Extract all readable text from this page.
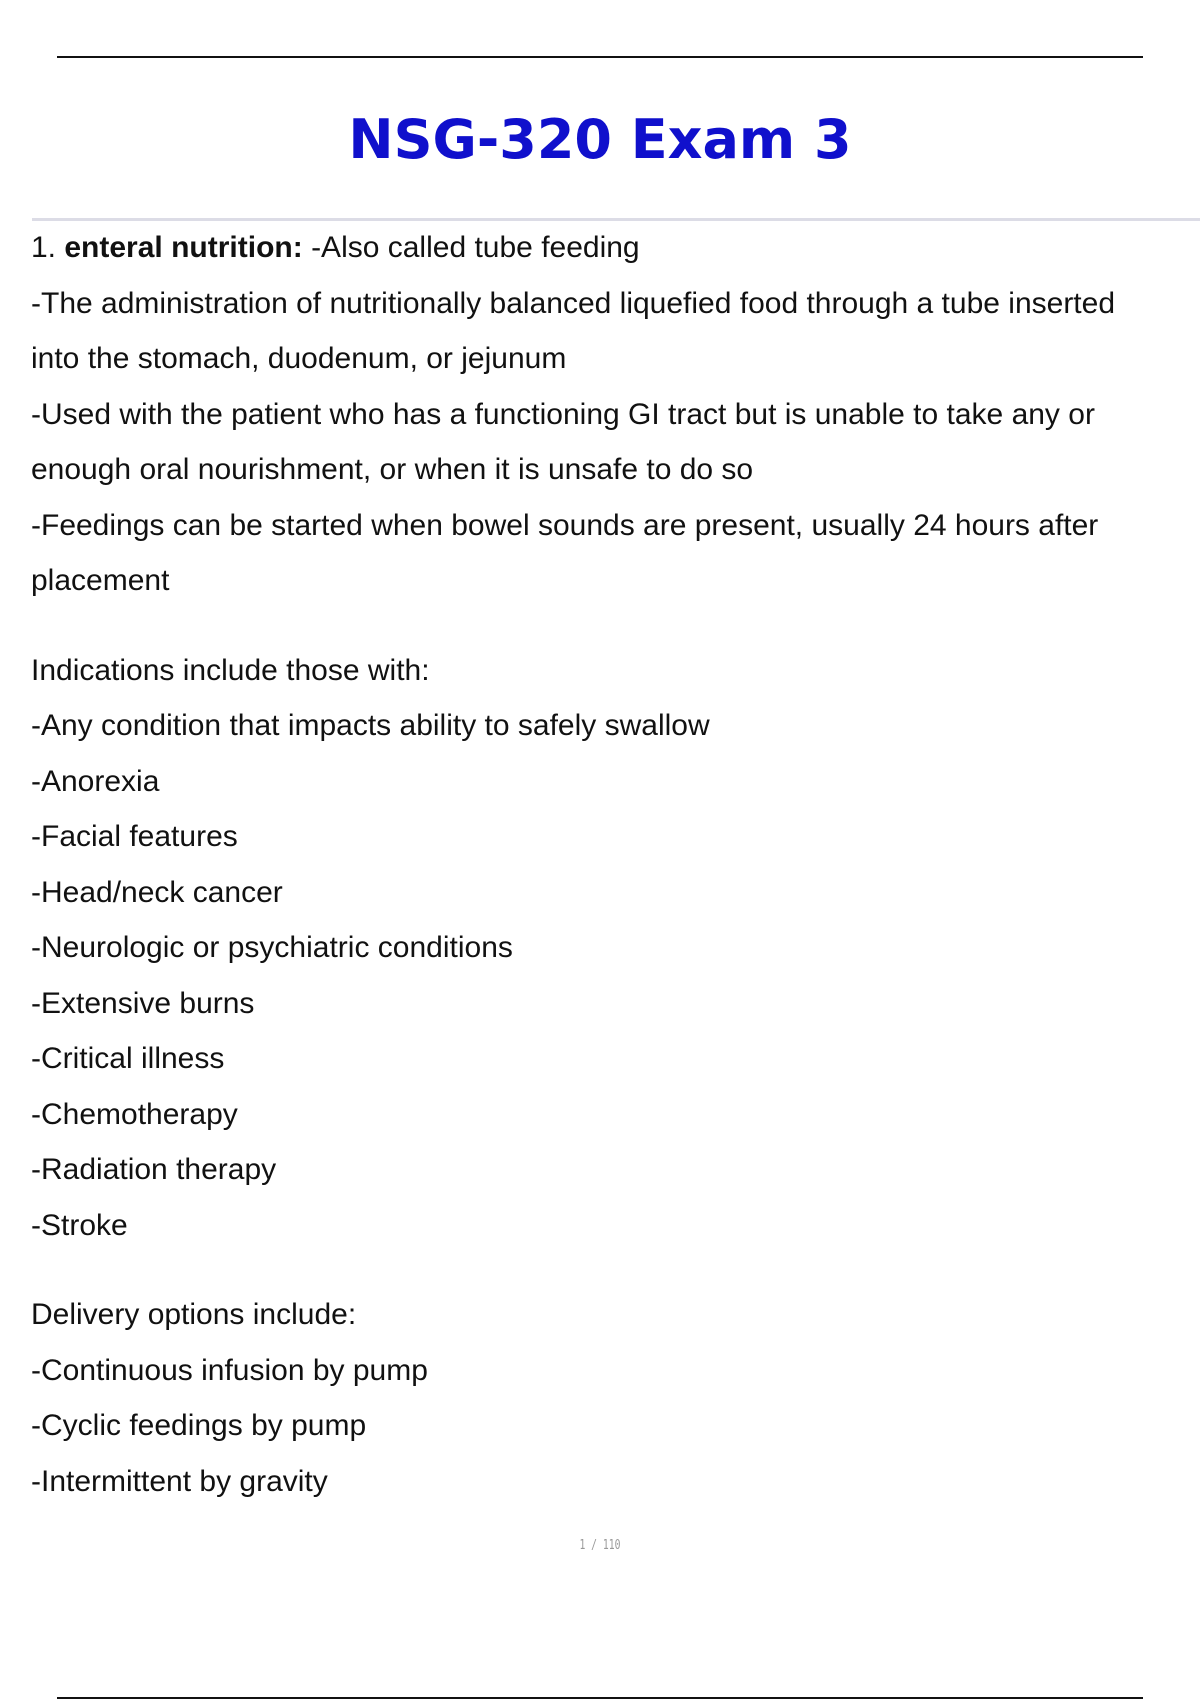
NSG-320 Exam 3
1. enteral nutrition: -Also called tube feeding
-The administration of nutritionally balanced liquefied food through a tube inserted
into the stomach, duodenum, or jejunum
-Used with the patient who has a functioning GI tract but is unable to take any or
enough oral nourishment, or when it is unsafe to do so
-Feedings can be started when bowel sounds are present, usually 24 hours after
placement
Indications include those with:
-Any condition that impacts ability to safely swallow
-Anorexia
-Facial features
-Head/neck cancer
-Neurologic or psychiatric conditions
-Extensive burns
-Critical illness
-Chemotherapy
-Radiation therapy
-Stroke
Delivery options include:
-Continuous infusion by pump
-Cyclic feedings by pump
-Intermittent by gravity
1 / 110
